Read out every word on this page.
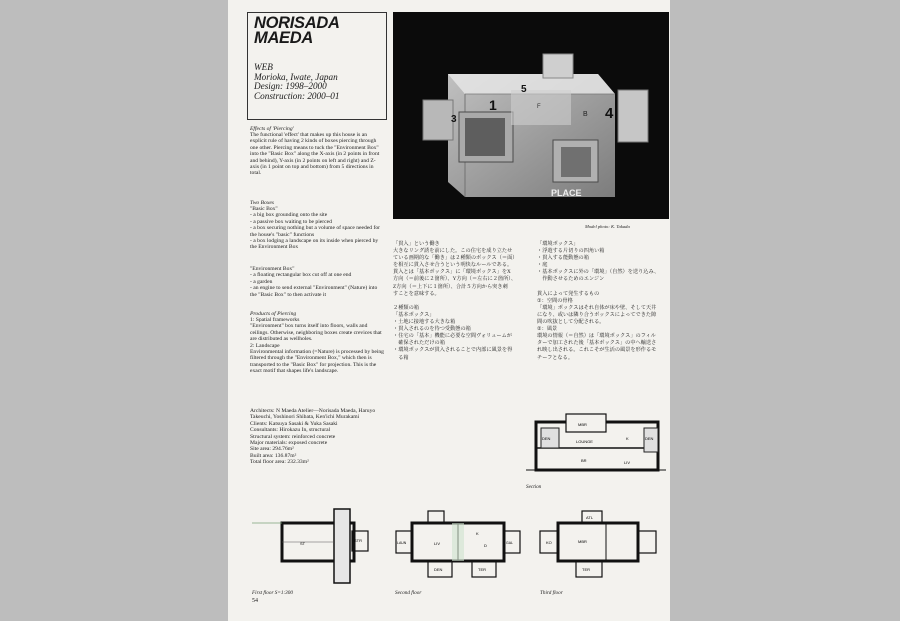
NORISADA
MAEDA
WEB
Morioka, Iwate, Japan
Design: 1998–2000
Construction: 2000–01
Effects of 'Piercing'
The functional 'effect' that makes up this house is an explicit rule of having 2 kinds of boxes piercing through one other. Piercing means to tuck the "Environment Box" into the "Basic Box" along the X-axis (in 2 points in front and behind), Y-axis (in 2 points on left and right) and Z-axis (in 1 point on top and bottom) from 5 directions in total.
Two Boxes
"Basic Box"
- a big box grounding onto the site
- a passive box waiting to be pierced
- a box securing nothing but a volume of space needed for the house's "basic" functions
- a box lodging a landscape on its inside when pierced by the Environment Box
"Environment Box"
- a floating rectangular box cut off at one end
- a garden
- an engine to send external "Environment" (Nature) into the "Basic Box" to then activate it
Products of Piercing
1: Spatial frameworks
"Environment" box turns itself into floors, walls and ceilings. Otherwise, neighboring boxes create crevices that are distributed as wellholes.
2: Landscape
Environmental information (=Nature) is processed by being filtered through the "Environment Box," which then is transported to the "Basic Box" for projection. This is the exact motif that shapes life's landscape.
Architects: N Maeda Atelier—Norisada Maeda, Haruyo Takeuchi, Yoshinori Shibata, Ken'ichi Murakami
Clients: Katsuya Sasaki & Yuka Sasaki
Consultants: Hirokazu In, structural
Structural system: reinforced concrete
Major materials: exposed concrete
Site area: 294.76m²
Built area: 136.87m²
Total floor area: 232.33m²
5
1	4
B
F
PLACE
3
Model photo: K. Takada
「貫入」という働き
大きなリング誘を前にした。この住宅を成り立たせ
ている画期的な「働き」は２種類のボックス（＝面）
を相互に貫入させ合うという明快なルールである。
貫入とは「基本ボックス」に「環境ボックス」をX
方向（＝前後に２箇所）、Y方向（＝左右に２箇所）、
Z方向（＝上下に１箇所）、合計５方向から突き刺
すことを意味する。

２種類の箱
「基本ボックス」
・土地に接地する大きな箱
・貫入されるのを待つ受動態の箱
・住宅の「基本」機能に必要な空間ヴォリュームが
　確保されただけの箱
・環境ボックスが貫入されることで内部に風景を得
　る箱
「環境ボックス」
・浮遊する片切りの四角い箱
・貫入する能動態の箱
・庭
・基本ボックスに外の「環境」（自然）を送り込み、
　作動させるためのエンジン

貫入によって発生するもの
①：空間の骨格
「環境」ボックスはそれ自体が床や壁、そして天井
になり、或いは隣り合うボックスによってできた隙
間の吹抜として分配される。
②：風景
環境の情報（＝自然）は「環境ボックス」のフィル
ターで加工された後「基本ボックス」の中へ輸送さ
れ映し出される。これこそが生活の風景を形作るモ
チーフとなる。
DEN
MBR
LOUNGE
K
BR	LIV
DEN
Section
ST
STR
K
D
LIV
TER
DEN
LAUN	GAL	MBR
KO
ATL
TER
First floor S=1:300	Second floor	Third floor
54
